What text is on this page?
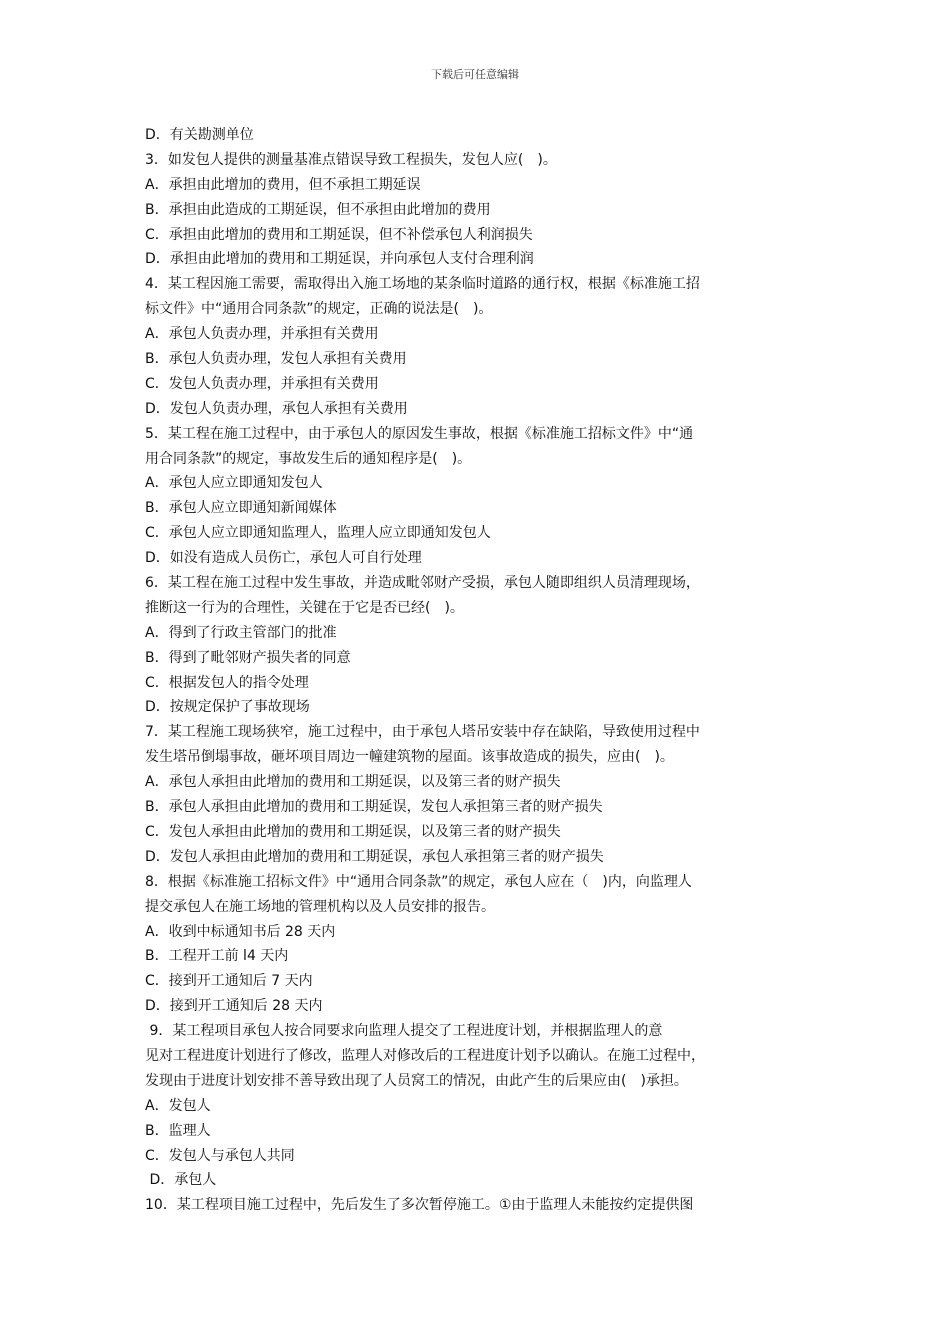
下载后可任意编辑
D．有关勘测单位
3．如发包人提供的测量基准点错误导致工程损失，发包人应(　)。
A．承担由此增加的费用，但不承担工期延误
B．承担由此造成的工期延误，但不承担由此增加的费用
C．承担由此增加的费用和工期延误，但不补偿承包人利润损失
D．承担由此增加的费用和工期延误，并向承包人支付合理利润
4．某工程因施工需要，需取得出入施工场地的某条临时道路的通行权，根据《标准施工招
标文件》中“通用合同条款”的规定，正确的说法是(　)。
A．承包人负责办理，并承担有关费用
B．承包人负责办理，发包人承担有关费用
C．发包人负责办理，并承担有关费用
D．发包人负责办理，承包人承担有关费用
5．某工程在施工过程中，由于承包人的原因发生事故，根据《标准施工招标文件》中“通
用合同条款”的规定，事故发生后的通知程序是(　)。
A．承包人应立即通知发包人
B．承包人应立即通知新闻媒体
C．承包人应立即通知监理人，监理人应立即通知发包人
D．如没有造成人员伤亡，承包人可自行处理
6．某工程在施工过程中发生事故，并造成毗邻财产受损，承包人随即组织人员清理现场，
推断这一行为的合理性，关键在于它是否已经(　)。
A．得到了行政主管部门的批准
B．得到了毗邻财产损失者的同意
C．根据发包人的指令处理
D．按规定保护了事故现场
7．某工程施工现场狭窄，施工过程中，由于承包人塔吊安装中存在缺陷，导致使用过程中
发生塔吊倒塌事故，砸坏项目周边一幢建筑物的屋面。该事故造成的损失，应由(　)。
A．承包人承担由此增加的费用和工期延误，以及第三者的财产损失
B．承包人承担由此增加的费用和工期延误，发包人承担第三者的财产损失
C．发包人承担由此增加的费用和工期延误，以及第三者的财产损失
D．发包人承担由此增加的费用和工期延误，承包人承担第三者的财产损失
8．根据《标准施工招标文件》中“通用合同条款”的规定，承包人应在（　)内，向监理人
提交承包人在施工场地的管理机构以及人员安排的报告。
A．收到中标通知书后 28 天内
B．工程开工前 l4 天内
C．接到开工通知后 7 天内
D．接到开工通知后 28 天内
9．某工程项目承包人按合同要求向监理人提交了工程进度计划，并根据监理人的意
见对工程进度计划进行了修改，监理人对修改后的工程进度计划予以确认。在施工过程中，
发现由于进度计划安排不善导致出现了人员窝工的情况，由此产生的后果应由(　)承担。
A．发包人
B．监理人
C．发包人与承包人共同
D．承包人
10．某工程项目施工过程中，先后发生了多次暂停施工。①由于监理人未能按约定提供图
